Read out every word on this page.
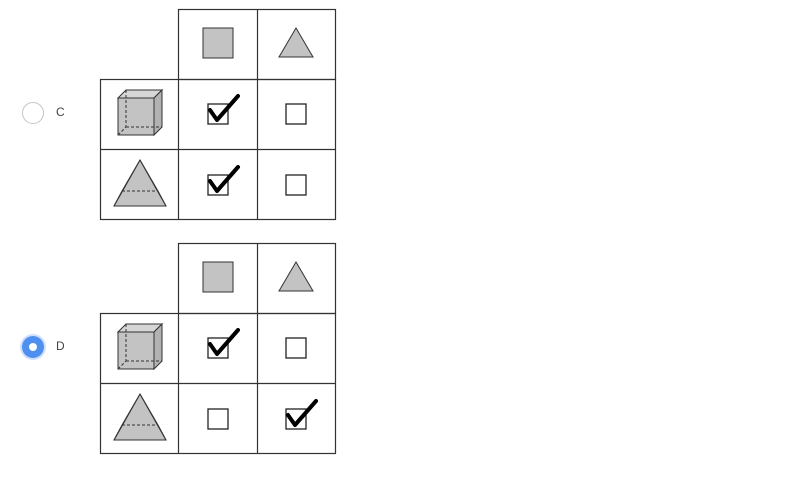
C
D
